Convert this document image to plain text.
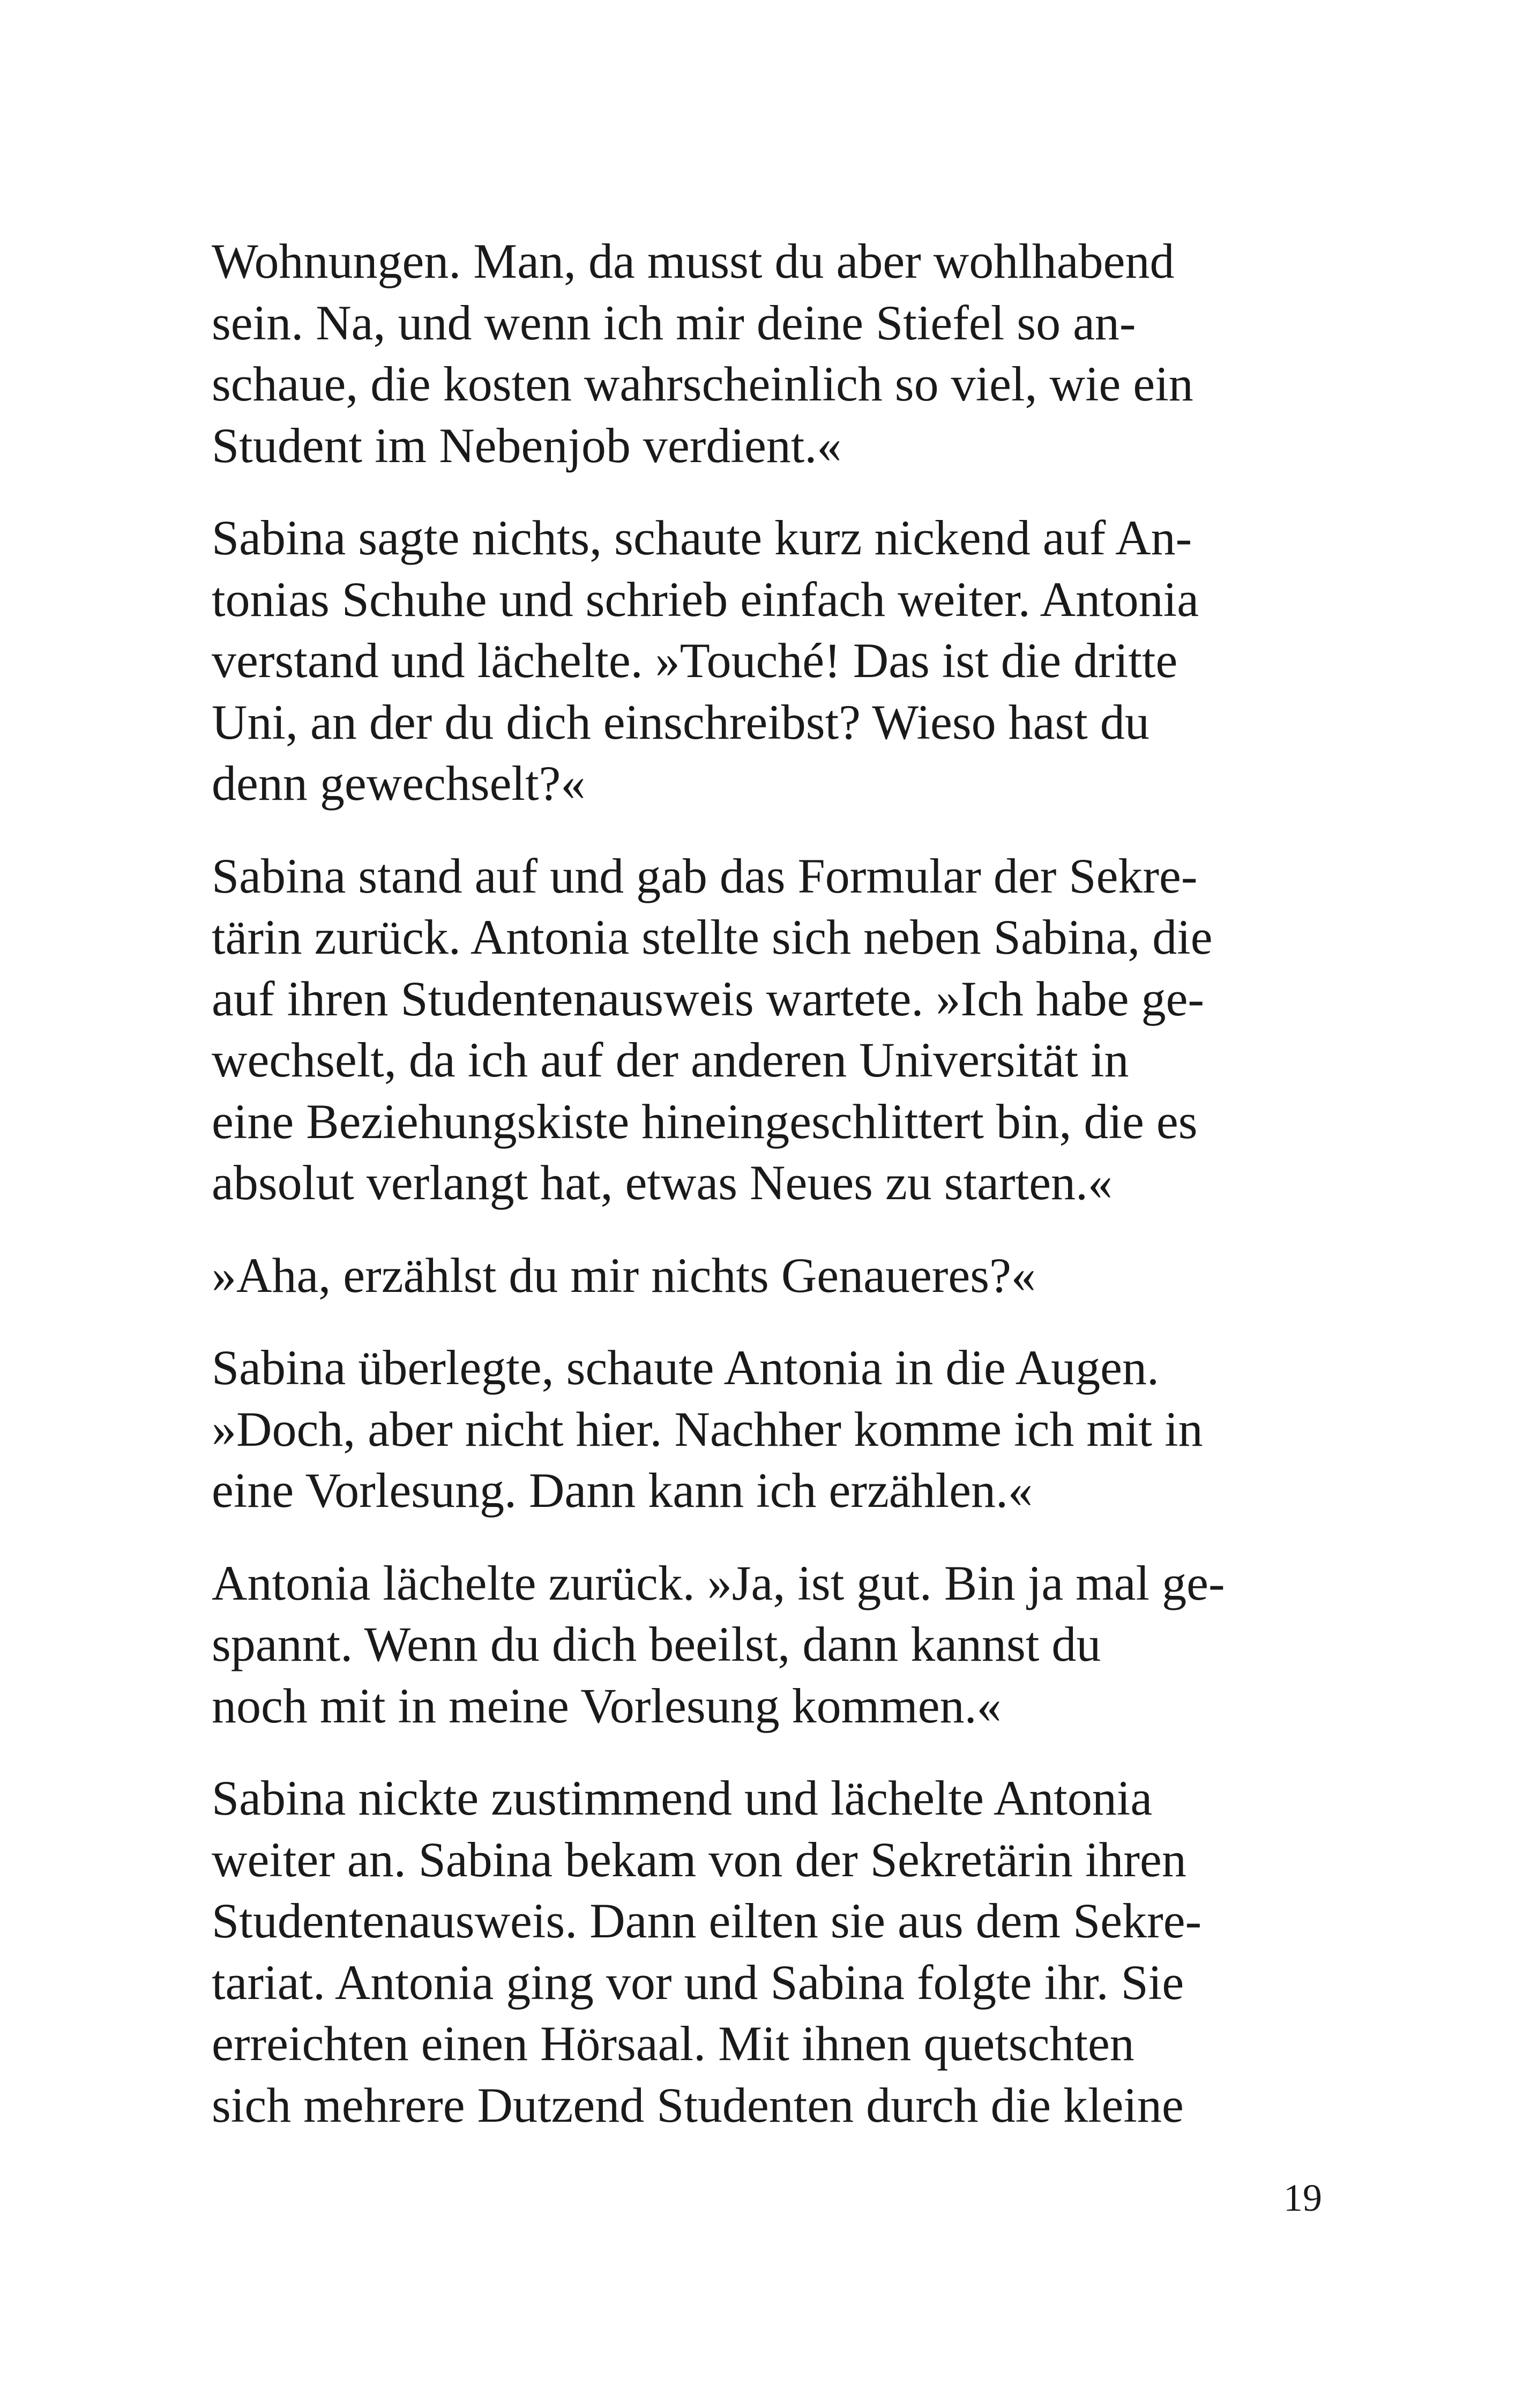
Wohnungen. Man, da musst du aber wohlhabend
sein. Na, und wenn ich mir deine Stiefel so an-
schaue, die kosten wahrscheinlich so viel, wie ein
Student im Nebenjob verdient.«

Sabina sagte nichts, schaute kurz nickend auf An-
tonias Schuhe und schrieb einfach weiter. Antonia
verstand und lächelte. »Touché! Das ist die dritte
Uni, an der du dich einschreibst? Wieso hast du
denn gewechselt?«

Sabina stand auf und gab das Formular der Sekre-
tärin zurück. Antonia stellte sich neben Sabina, die
auf ihren Studentenausweis wartete. »Ich habe ge-
wechselt, da ich auf der anderen Universität in
eine Beziehungskiste hineingeschlittert bin, die es
absolut verlangt hat, etwas Neues zu starten.«

»Aha, erzählst du mir nichts Genaueres?«

Sabina überlegte, schaute Antonia in die Augen.
»Doch, aber nicht hier. Nachher komme ich mit in
eine Vorlesung. Dann kann ich erzählen.«

Antonia lächelte zurück. »Ja, ist gut. Bin ja mal ge-
spannt. Wenn du dich beeilst, dann kannst du
noch mit in meine Vorlesung kommen.«

Sabina nickte zustimmend und lächelte Antonia
weiter an. Sabina bekam von der Sekretärin ihren
Studentenausweis. Dann eilten sie aus dem Sekre-
tariat. Antonia ging vor und Sabina folgte ihr. Sie
erreichten einen Hörsaal. Mit ihnen quetschten
sich mehrere Dutzend Studenten durch die kleine

19
